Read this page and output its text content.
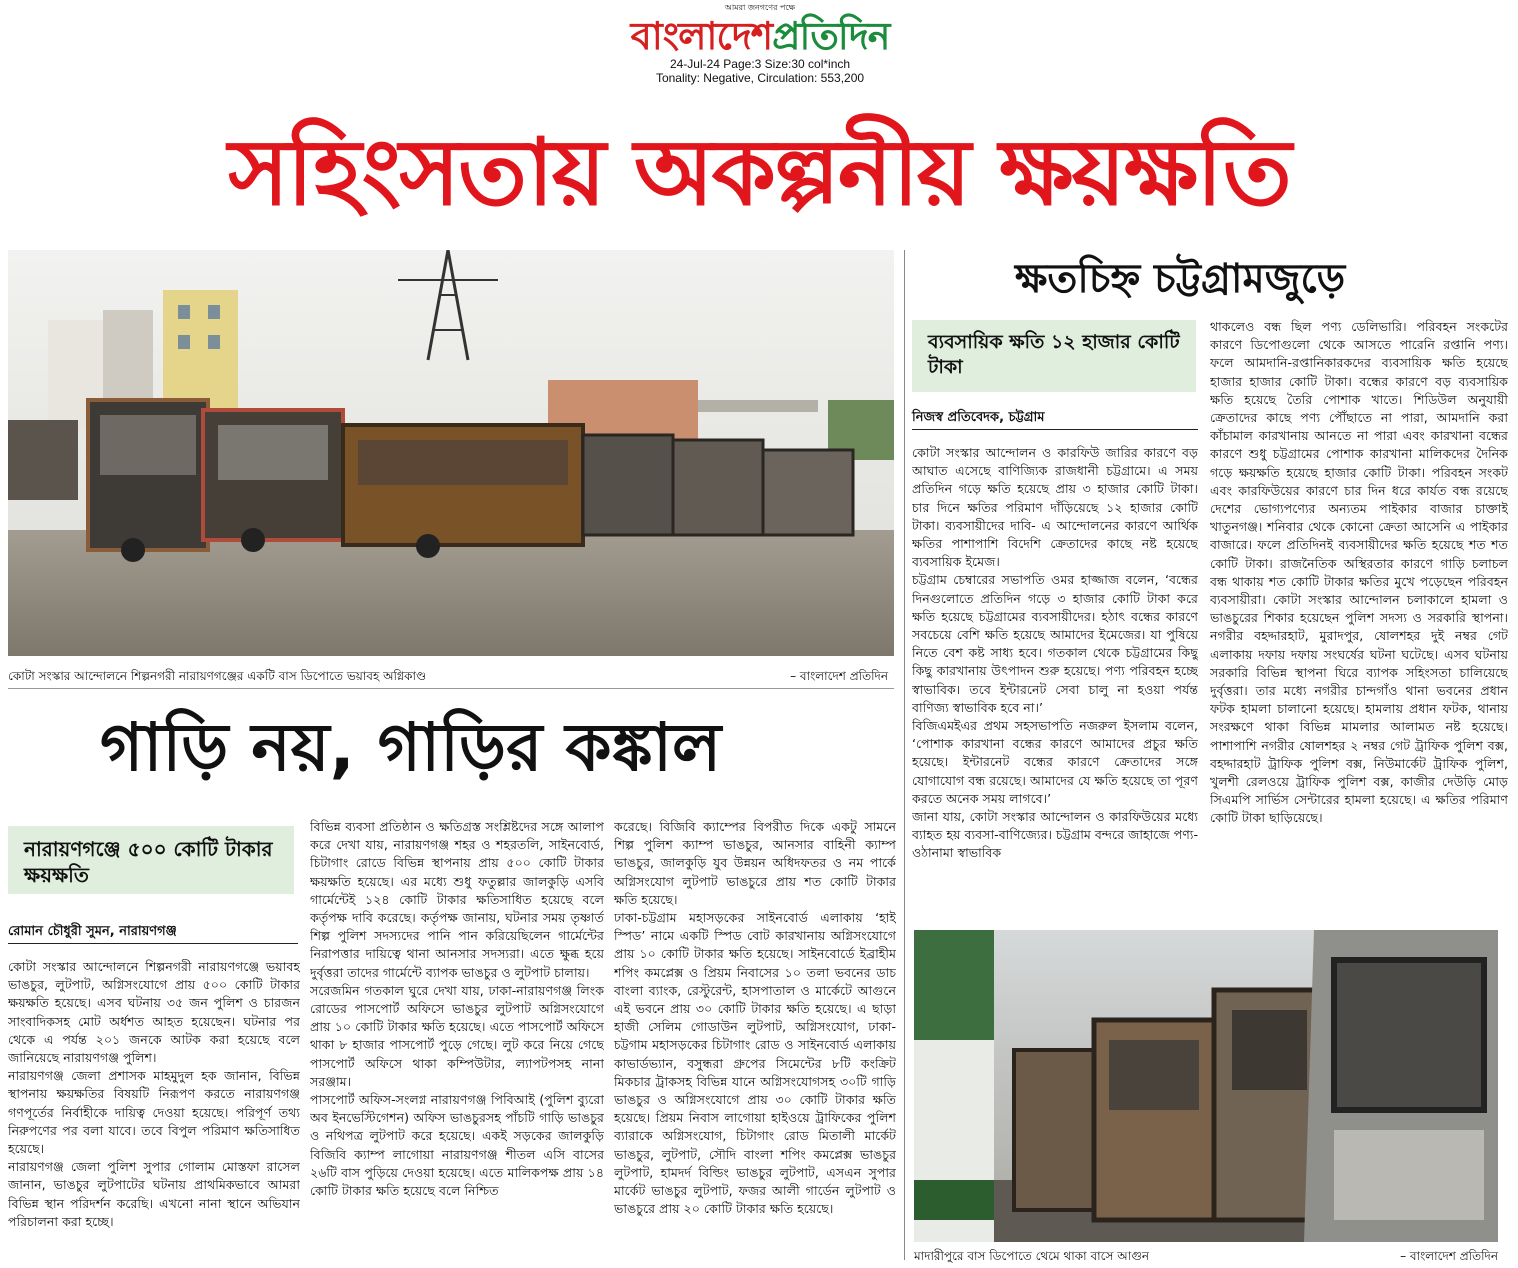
আমরা জনগণের পক্ষে
বাংলাদেশপ্রতিদিন
24-Jul-24 Page:3 Size:30 col*inch
Tonality: Negative, Circulation: 553,200
সহিংসতায় অকল্পনীয় ক্ষয়ক্ষতি
কোটা সংস্কার আন্দোলনে শিল্পনগরী নারায়ণগঞ্জের একটি বাস ডিপোতে ভয়াবহ অগ্নিকাণ্ড	– বাংলাদেশ প্রতিদিন
গাড়ি নয়, গাড়ির কঙ্কাল
নারায়ণগঞ্জে ৫০০ কোটি টাকার ক্ষয়ক্ষতি
রোমান চৌধুরী সুমন, নারায়ণগঞ্জ

কোটা সংস্কার আন্দোলনে শিল্পনগরী নারায়ণগঞ্জে ভয়াবহ ভাঙচুর, লুটপাট, অগ্নিসংযোগে প্রায় ৫০০ কোটি টাকার ক্ষয়ক্ষতি হয়েছে। এসব ঘটনায় ৩৫ জন পুলিশ ও চারজন সাংবাদিকসহ মোট অর্ধশত আহত হয়েছেন। ঘটনার পর থেকে এ পর্যন্ত ২০১ জনকে আটক করা হয়েছে বলে জানিয়েছে নারায়ণগঞ্জ পুলিশ।

নারায়ণগঞ্জ জেলা প্রশাসক মাহমুদুল হক জানান, বিভিন্ন স্থাপনায় ক্ষয়ক্ষতির বিষয়টি নিরূপণ করতে নারায়ণগঞ্জ গণপূর্তের নির্বাহীকে দায়িত্ব দেওয়া হয়েছে। পরিপূর্ণ তথ্য নিরুপণের পর বলা যাবে। তবে বিপুল পরিমাণ ক্ষতিসাধিত হয়েছে।

নারায়ণগঞ্জ জেলা পুলিশ সুপার গোলাম মোস্তফা রাসেল জানান, ভাঙচুর লুটপাটের ঘটনায় প্রাথমিকভাবে আমরা বিভিন্ন স্থান পরিদর্শন করেছি। এখনো নানা স্থানে অভিযান পরিচালনা করা হচ্ছে।

বিভিন্ন ব্যবসা প্রতিষ্ঠান ও ক্ষতিগ্রস্ত সংশ্লিষ্টদের সঙ্গে আলাপ করে দেখা যায়, নারায়ণগঞ্জ শহর ও শহরতলি, সাইনবোর্ড, চিটাগাং রোডে বিভিন্ন স্থাপনায় প্রায় ৫০০ কোটি টাকার ক্ষয়ক্ষতি হয়েছে। এর মধ্যে শুধু ফতুল্লার জালকুড়ি এসবি গার্মেন্টেই ১২৪ কোটি টাকার ক্ষতিসাধিত হয়েছে বলে কর্তৃপক্ষ দাবি করেছে। কর্তৃপক্ষ জানায়, ঘটনার সময় তৃষ্ণার্ত শিল্প পুলিশ সদস্যদের পানি পান করিয়েছিলেন গার্মেন্টের নিরাপত্তার দায়িত্বে থানা আনসার সদস্যরা। এতে ক্ষুব্ধ হয়ে দুর্বৃত্তরা তাদের গার্মেন্টে ব্যাপক ভাঙচুর ও লুটপাট চালায়।

সরেজমিন গতকাল ঘুরে দেখা যায়, ঢাকা-নারায়ণগঞ্জ লিংক রোডের পাসপোর্ট অফিসে ভাঙচুর লুটপাট অগ্নিসংযোগে প্রায় ১০ কোটি টাকার ক্ষতি হয়েছে। এতে পাসপোর্ট অফিসে থাকা ৮ হাজার পাসপোর্ট পুড়ে গেছে। লুট করে নিয়ে গেছে পাসপোর্ট অফিসে থাকা কম্পিউটার, ল্যাপটপসহ নানা সরঞ্জাম।

পাসপোর্ট অফিস-সংলগ্ন নারায়ণগঞ্জ পিবিআই (পুলিশ ব্যুরো অব ইনভেস্টিগেশন) অফিস ভাঙচুরসহ পাঁচটি গাড়ি ভাঙচুর ও নথিপত্র লুটপাট করে হয়েছে। একই সড়কের জালকুড়ি বিজিবি ক্যাম্প লাগোয়া নারায়ণগঞ্জ শীতল এসি বাসের ২৬টি বাস পুড়িয়ে দেওয়া হয়েছে। এতে মালিকপক্ষ প্রায় ১৪ কোটি টাকার ক্ষতি হয়েছে বলে নিশ্চিত

করেছে। বিজিবি ক্যাম্পের বিপরীত দিকে একটু সামনে শিল্প পুলিশ ক্যাম্প ভাঙচুর, আনসার বাহিনী ক্যাম্প ভাঙচুর, জালকুড়ি যুব উন্নয়ন অধিদফতর ও নম পার্কে অগ্নিসংযোগ লুটপাট ভাঙচুরে প্রায় শত কোটি টাকার ক্ষতি হয়েছে।

ঢাকা-চট্টগ্রাম মহাসড়কের সাইনবোর্ড এলাকায় ‘হাই স্পিড’ নামে একটি স্পিড বোট কারখানায় অগ্নিসংযোগে প্রায় ১০ কোটি টাকার ক্ষতি হয়েছে। সাইনবোর্ডে ইব্রাহীম শপিং কমপ্লেক্স ও প্রিয়ম নিবাসের ১০ তলা ভবনের ডাচ বাংলা ব্যাংক, রেস্টুরেন্ট, হাসপাতাল ও মার্কেটে আগুনে এই ভবনে প্রায় ৩০ কোটি টাকার ক্ষতি হয়েছে। এ ছাড়া হাজী সেলিম গোডাউন লুটপাট, অগ্নিসংযোগ, ঢাকা-চট্টগাম মহাসড়কের চিটাগাং রোড ও সাইনবোর্ড এলাকায় কাভার্ডভ্যান, বসুন্ধরা গ্রুপের সিমেন্টের ৮টি কংক্রিট মিকচার ট্রাকসহ বিভিন্ন যানে অগ্নিসংযোগসহ ৩০টি গাড়ি ভাঙচুর ও অগ্নিসংযোগে প্রায় ৩০ কোটি টাকার ক্ষতি হয়েছে। প্রিয়ম নিবাস লাগোয়া হাইওয়ে ট্রাফিকের পুলিশ ব্যারাকে অগ্নিসংযোগ, চিটাগাং রোড মিতালী মার্কেট ভাঙচুর, লুটপাট, সৌদি বাংলা শপিং কমপ্লেক্স ভাঙচুর লুটপাট, হামদর্দ বিল্ডিং ভাঙচুর লুটপাট, এসএন সুপার মার্কেট ভাঙচুর লুটপাট, ফজর আলী গার্ডেন লুটপাট ও ভাঙচুরে প্রায় ২০ কোটি টাকার ক্ষতি হয়েছে।

ক্ষতচিহ্ন চট্টগ্রামজুড়ে
ব্যবসায়িক ক্ষতি ১২ হাজার কোটি টাকা
নিজস্ব প্রতিবেদক, চট্টগ্রাম

কোটা সংস্কার আন্দোলন ও কারফিউ জারির কারণে বড় আঘাত এসেছে বাণিজ্যিক রাজধানী চট্টগ্রামে। এ সময় প্রতিদিন গড়ে ক্ষতি হয়েছে প্রায় ৩ হাজার কোটি টাকা। চার দিনে ক্ষতির পরিমাণ দাঁড়িয়েছে ১২ হাজার কোটি টাকা। ব্যবসায়ীদের দাবি- এ আন্দোলনের কারণে আর্থিক ক্ষতির পাশাপাশি বিদেশি ক্রেতাদের কাছে নষ্ট হয়েছে ব্যবসায়িক ইমেজ।

চট্টগ্রাম চেম্বারের সভাপতি ওমর হাজ্জাজ বলেন, ‘বন্ধের দিনগুলোতে প্রতিদিন গড়ে ৩ হাজার কোটি টাকা করে ক্ষতি হয়েছে চট্টগ্রামের ব্যবসায়ীদের। হঠাৎ বন্ধের কারণে সবচেয়ে বেশি ক্ষতি হয়েছে আমাদের ইমেজের। যা পুষিয়ে নিতে বেশ কষ্ট সাধ্য হবে। গতকাল থেকে চট্টগ্রামের কিছু কিছু কারখানায় উৎপাদন শুরু হয়েছে। পণ্য পরিবহন হচ্ছে স্বাভাবিক। তবে ইন্টারনেট সেবা চালু না হওয়া পর্যন্ত বাণিজ্য স্বাভাবিক হবে না।’

বিজিএমইএর প্রথম সহসভাপতি নজরুল ইসলাম বলেন, ‘পোশাক কারখানা বন্ধের কারণে আমাদের প্রচুর ক্ষতি হয়েছে। ইন্টারনেট বন্ধের কারণে ক্রেতাদের সঙ্গে যোগাযোগ বন্ধ রয়েছে। আমাদের যে ক্ষতি হয়েছে তা পূরণ করতে অনেক সময় লাগবে।’

জানা যায়, কোটা সংস্কার আন্দোলন ও কারফিউয়ের মধ্যে ব্যাহত হয় ব্যবসা-বাণিজ্যের। চট্টগ্রাম বন্দরে জাহাজে পণ্য-ওঠানামা স্বাভাবিক

থাকলেও বন্ধ ছিল পণ্য ডেলিভারি। পরিবহন সংকটের কারণে ডিপোগুলো থেকে আসতে পারেনি রপ্তানি পণ্য। ফলে আমদানি-রপ্তানিকারকদের ব্যবসায়িক ক্ষতি হয়েছে হাজার হাজার কোটি টাকা। বন্ধের কারণে বড় ব্যবসায়িক ক্ষতি হয়েছে তৈরি পোশাক খাতে। শিডিউল অনুযায়ী ক্রেতাদের কাছে পণ্য পৌঁছাতে না পারা, আমদানি করা কাঁচামাল কারখানায় আনতে না পারা এবং কারখানা বন্ধের কারণে শুধু চট্টগ্রামের পোশাক কারখানা মালিকদের দৈনিক গড়ে ক্ষয়ক্ষতি হয়েছে হাজার কোটি টাকা। পরিবহন সংকট এবং কারফিউয়ের কারণে চার দিন ধরে কার্যত বন্ধ রয়েছে দেশের ভোগ্যপণ্যের অন্যতম পাইকার বাজার চাক্তাই খাতুনগঞ্জ। শনিবার থেকে কোনো ক্রেতা আসেনি এ পাইকার বাজারে। ফলে প্রতিদিনই ব্যবসায়ীদের ক্ষতি হয়েছে শত শত কোটি টাকা। রাজনৈতিক অস্থিরতার কারণে গাড়ি চলাচল বন্ধ থাকায় শত কোটি টাকার ক্ষতির মুখে পড়েছেন পরিবহন ব্যবসায়ীরা। কোটা সংস্কার আন্দোলন চলাকালে হামলা ও ভাঙচুরের শিকার হয়েছেন পুলিশ সদস্য ও সরকারি স্থাপনা। নগরীর বহদ্দারহাট, মুরাদপুর, ষোলশহর দুই নম্বর গেট এলাকায় দফায় দফায় সংঘর্ষের ঘটনা ঘটেছে। এসব ঘটনায় সরকারি বিভিন্ন স্থাপনা ঘিরে ব্যাপক সহিংসতা চালিয়েছে দুর্বৃত্তরা। তার মধ্যে নগরীর চান্দগাঁও থানা ভবনের প্রধান ফটক হামলা চালানো হয়েছে। হামলায় প্রধান ফটক, থানায় সংরক্ষণে থাকা বিভিন্ন মামলার আলামত নষ্ট হয়েছে। পাশাপাশি নগরীর ষোলশহর ২ নম্বর গেট ট্রাফিক পুলিশ বক্স, বহদ্দারহাট ট্রাফিক পুলিশ বক্স, নিউমার্কেট ট্রাফিক পুলিশ, খুলশী রেলওয়ে ট্রাফিক পুলিশ বক্স, কাজীর দেউড়ি মোড় সিএমপি সার্ভিস সেন্টারের হামলা হয়েছে। এ ক্ষতির পরিমাণ কোটি টাকা ছাড়িয়েছে।

মাদারীপুরে বাস ডিপোতে থেমে থাকা বাসে আগুন	– বাংলাদেশ প্রতিদিন
